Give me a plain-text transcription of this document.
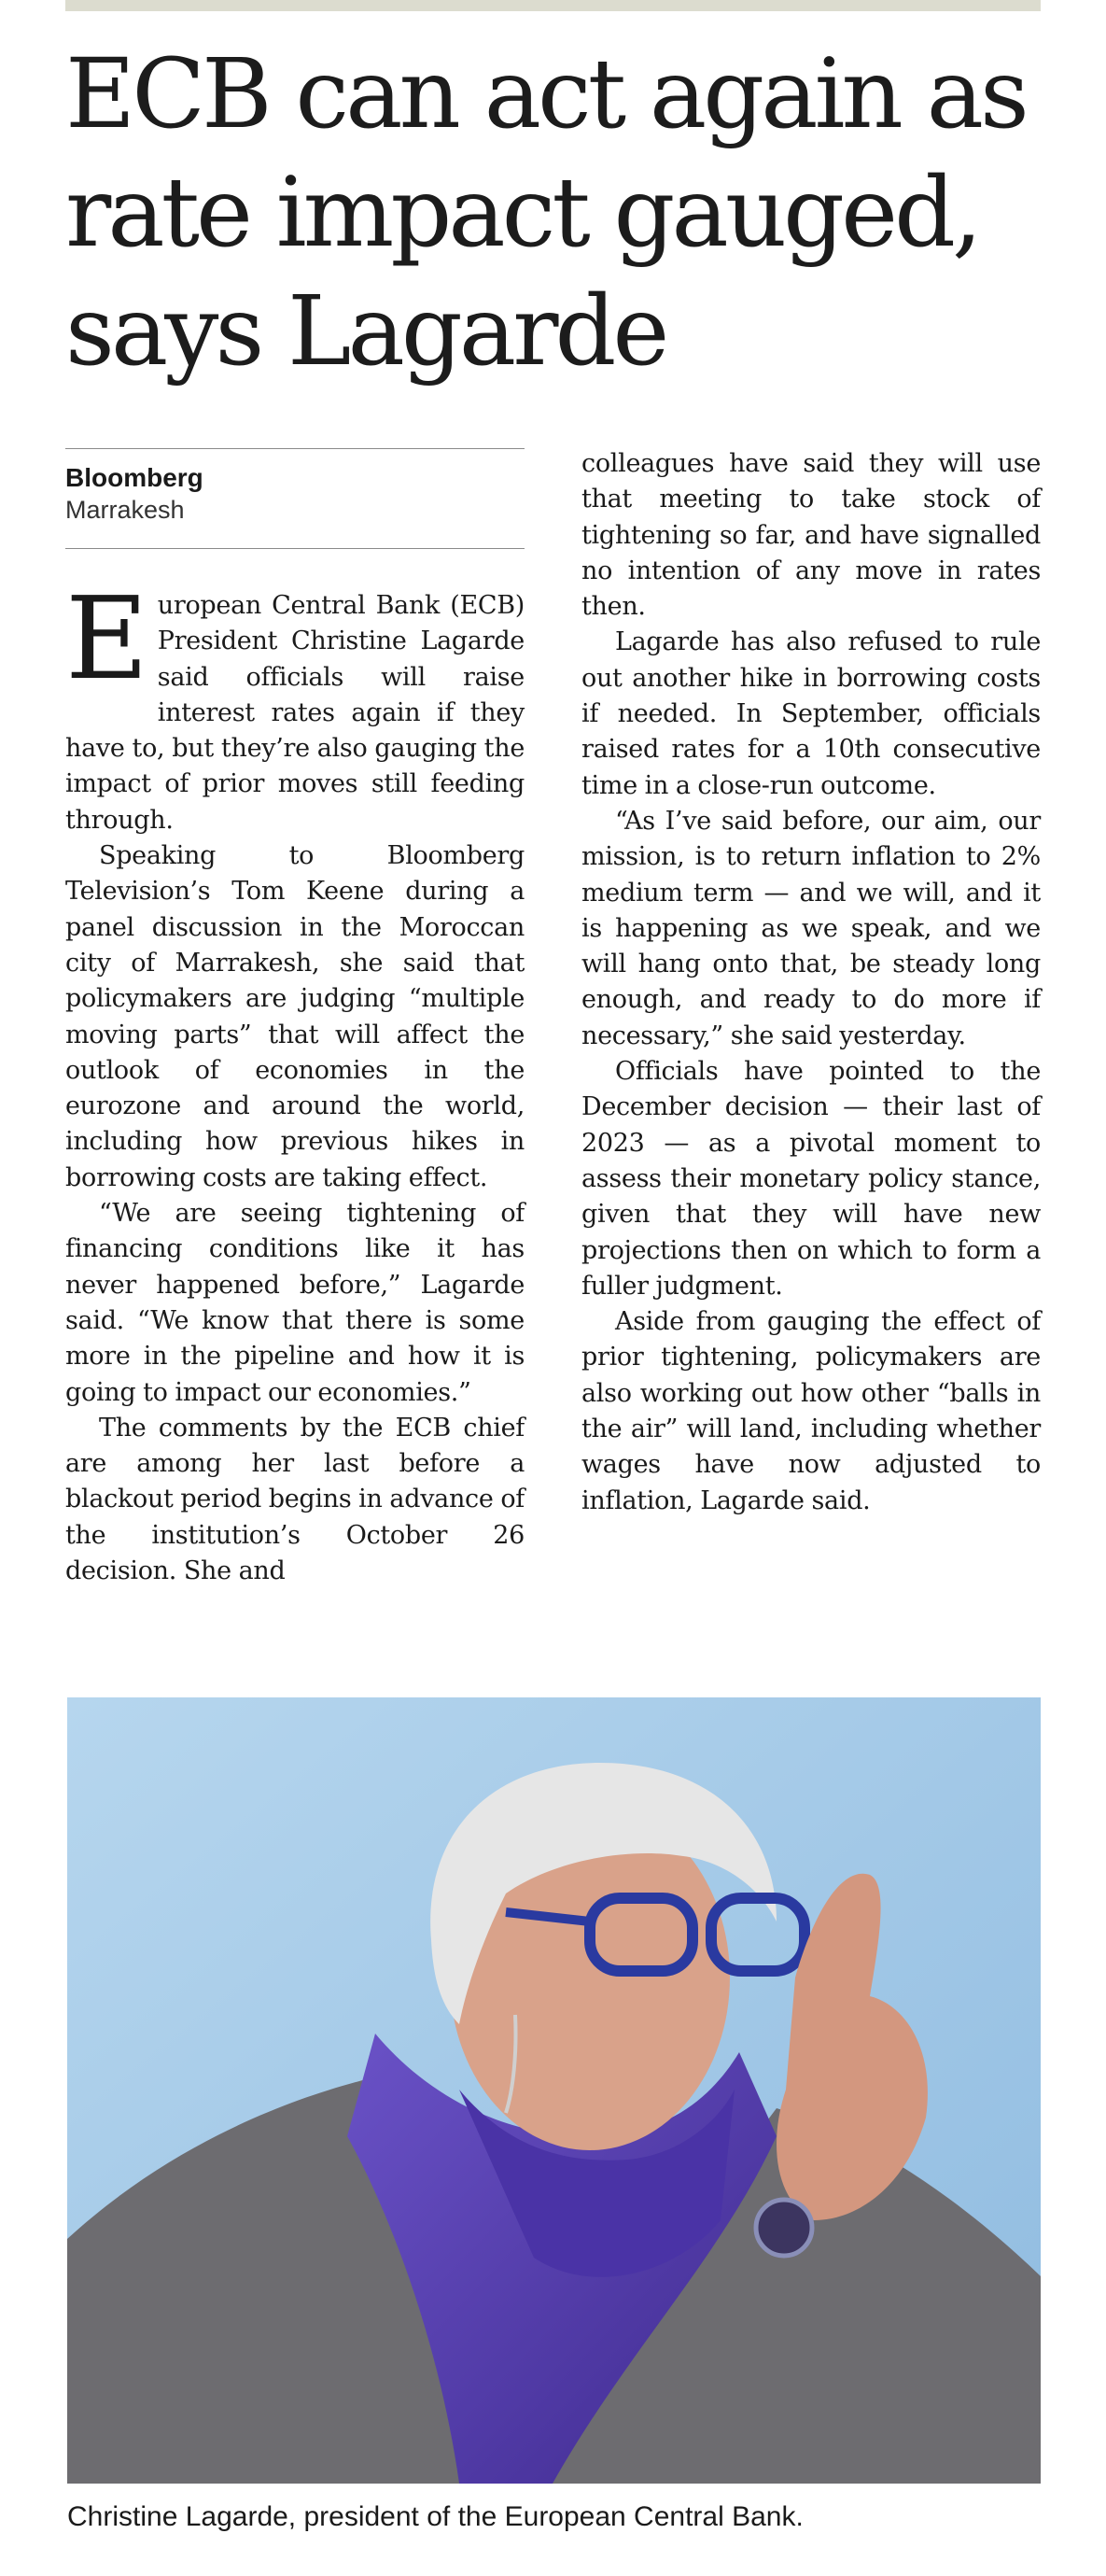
ECB can act again as rate impact gauged, says Lagarde
Bloomberg
Marrakesh

European Central Bank (ECB) President Christine Lagarde said officials will raise interest rates again if they have to, but they’re also gauging the impact of prior moves still feeding through.

Speaking to Bloomberg Television’s Tom Keene during a panel discussion in the Moroccan city of Marrakesh, she said that policymakers are judging “multiple moving parts” that will affect the outlook of economies in the eurozone and around the world, including how previous hikes in borrowing costs are taking effect.

“We are seeing tightening of financing conditions like it has never happened before,” Lagarde said. “We know that there is some more in the pipeline and how it is going to impact our economies.”

The comments by the ECB chief are among her last before a blackout period begins in advance of the institution’s October 26 decision. She and

colleagues have said they will use that meeting to take stock of tightening so far, and have signalled no intention of any move in rates then.

Lagarde has also refused to rule out another hike in borrowing costs if needed. In September, officials raised rates for a 10th consecutive time in a close-run outcome.

“As I’ve said before, our aim, our mission, is to return inflation to 2% medium term — and we will, and it is happening as we speak, and we will hang onto that, be steady long enough, and ready to do more if necessary,” she said yesterday.

Officials have pointed to the December decision — their last of 2023 — as a pivotal moment to assess their monetary policy stance, given that they will have new projections then on which to form a fuller judgment.

Aside from gauging the effect of prior tightening, policymakers are also working out how other “balls in the air” will land, including whether wages have now adjusted to inflation, Lagarde said.

Christine Lagarde, president of the European Central Bank.
